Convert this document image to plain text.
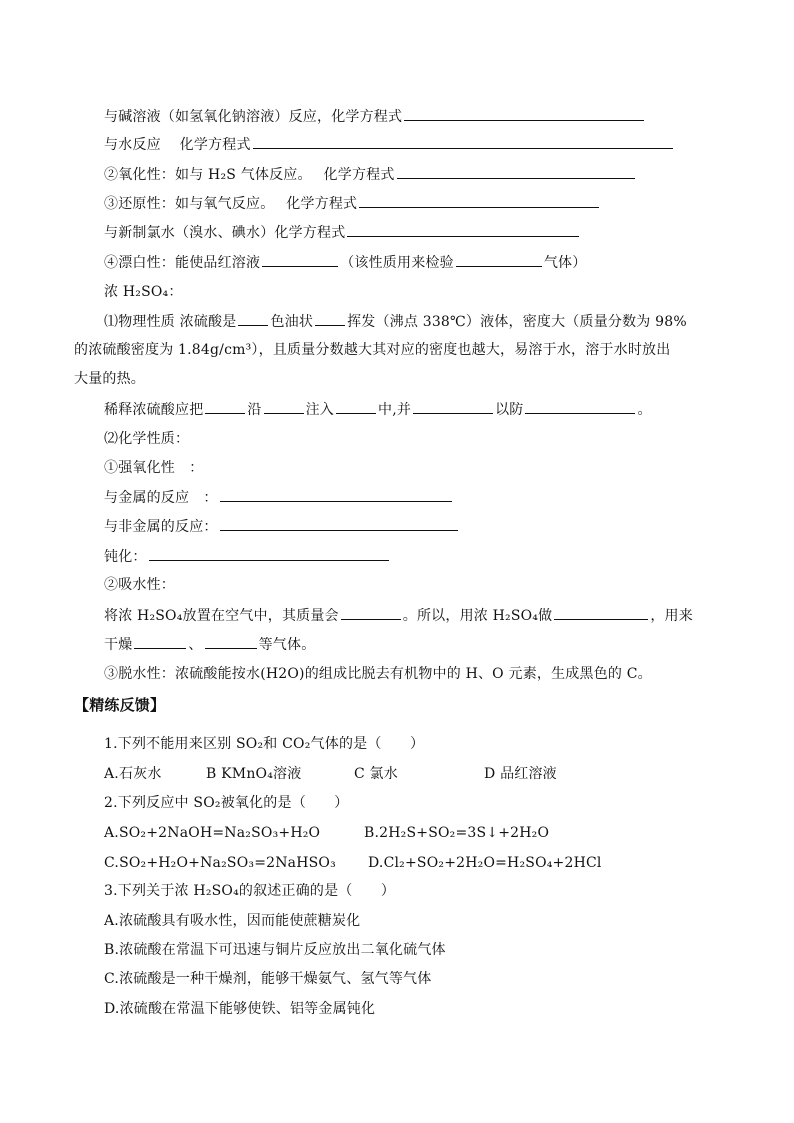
与碱溶液（如氢氧化钠溶液）反应，化学方程式
与水反应　 化学方程式
②氧化性：如与 H₂S 气体反应。　 化学方程式
③还原性：如与氧气反应。　 化学方程式
与新制氯水（溴水、碘水）化学方程式
④漂白性：能使品红溶液	（该性质用来检验	气体）
浓 H₂SO₄：
⑴物理性质 浓硫酸是 色油状 挥发（沸点 338℃）液体，密度大（质量分数为 98%
的浓硫酸密度为 1.84g/cm³），且质量分数越大其对应的密度也越大，易溶于水，溶于水时放出
大量的热。
稀释浓硫酸应把	沿	注入	中,并	以防	。
⑵化学性质：
①强氧化性　：
与金属的反应　：
与非金属的反应：
钝化：
②吸水性：
将浓 H₂SO₄放置在空气中，其质量会	。所以，用浓 H₂SO₄做	，用来
干燥	、	等气体。
③脱水性：浓硫酸能按水(H2O)的组成比脱去有机物中的 H、O 元素，生成黑色的 C。
【精练反馈】
1.下列不能用来区别 SO₂和 CO₂气体的是（　　）
A.石灰水	B KMnO₄溶液	C 氯水	D 品红溶液
2.下列反应中 SO₂被氧化的是（　　）
A.SO₂+2NaOH=Na₂SO₃+H₂O	B.2H₂S+SO₂=3S↓+2H₂O
C.SO₂+H₂O+Na₂SO₃=2NaHSO₃ D.Cl₂+SO₂+2H₂O=H₂SO₄+2HCl
3.下列关于浓 H₂SO₄的叙述正确的是（　　）
A.浓硫酸具有吸水性，因而能使蔗糖炭化
B.浓硫酸在常温下可迅速与铜片反应放出二氧化硫气体
C.浓硫酸是一种干燥剂，能够干燥氨气、氢气等气体
D.浓硫酸在常温下能够使铁、铝等金属钝化
